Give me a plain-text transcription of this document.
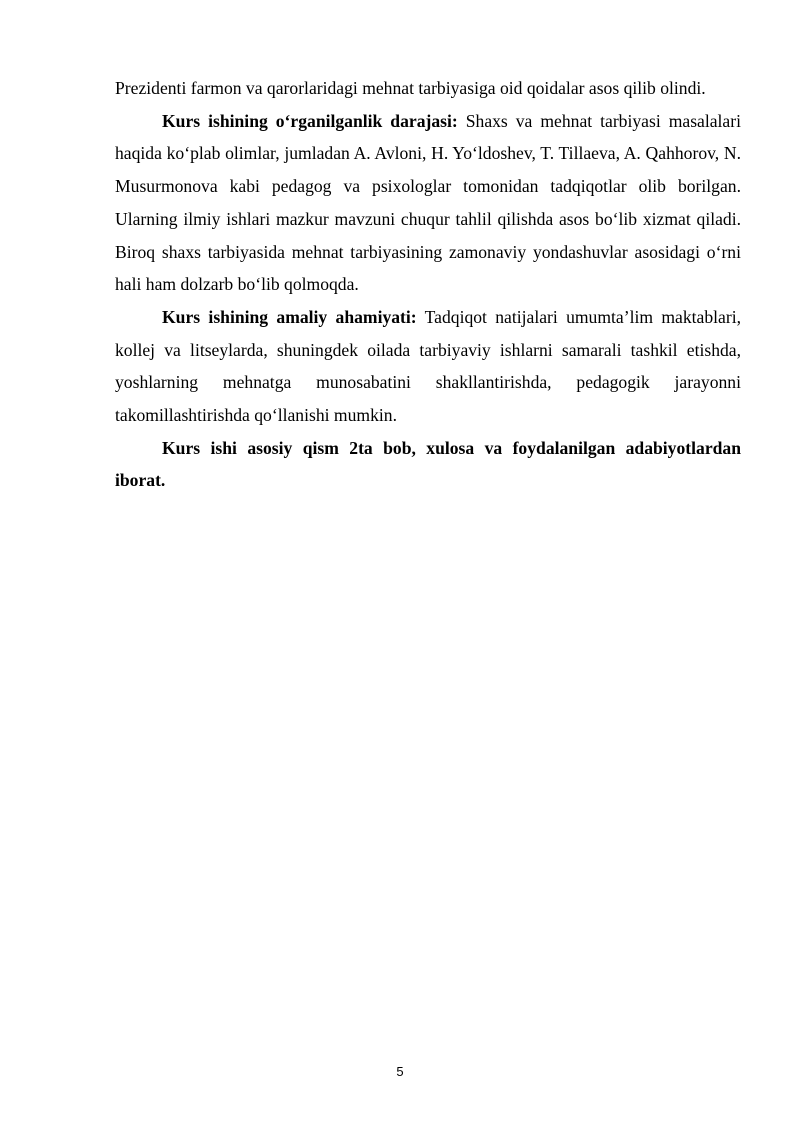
Prezidenti farmon va qarorlaridagi mehnat tarbiyasiga oid qoidalar asos qilib olindi.

Kurs ishining o‘rganilganlik darajasi: Shaxs va mehnat tarbiyasi masalalari haqida ko‘plab olimlar, jumladan A. Avloni, H. Yo‘ldoshev, T. Tillaeva, A. Qahhorov, N. Musurmonova kabi pedagog va psixologlar tomonidan tadqiqotlar olib borilgan. Ularning ilmiy ishlari mazkur mavzuni chuqur tahlil qilishda asos bo‘lib xizmat qiladi. Biroq shaxs tarbiyasida mehnat tarbiyasining zamonaviy yondashuvlar asosidagi o‘rni hali ham dolzarb bo‘lib qolmoqda.

Kurs ishining amaliy ahamiyati: Tadqiqot natijalari umumta’lim maktablari, kollej va litseylarda, shuningdek oilada tarbiyaviy ishlarni samarali tashkil etishda, yoshlarning mehnatga munosabatini shakllantirishda, pedagogik jarayonni takomillashtirishda qo‘llanishi mumkin.

Kurs ishi asosiy qism 2ta bob, xulosa va foydalanilgan adabiyotlardan iborat.

5
